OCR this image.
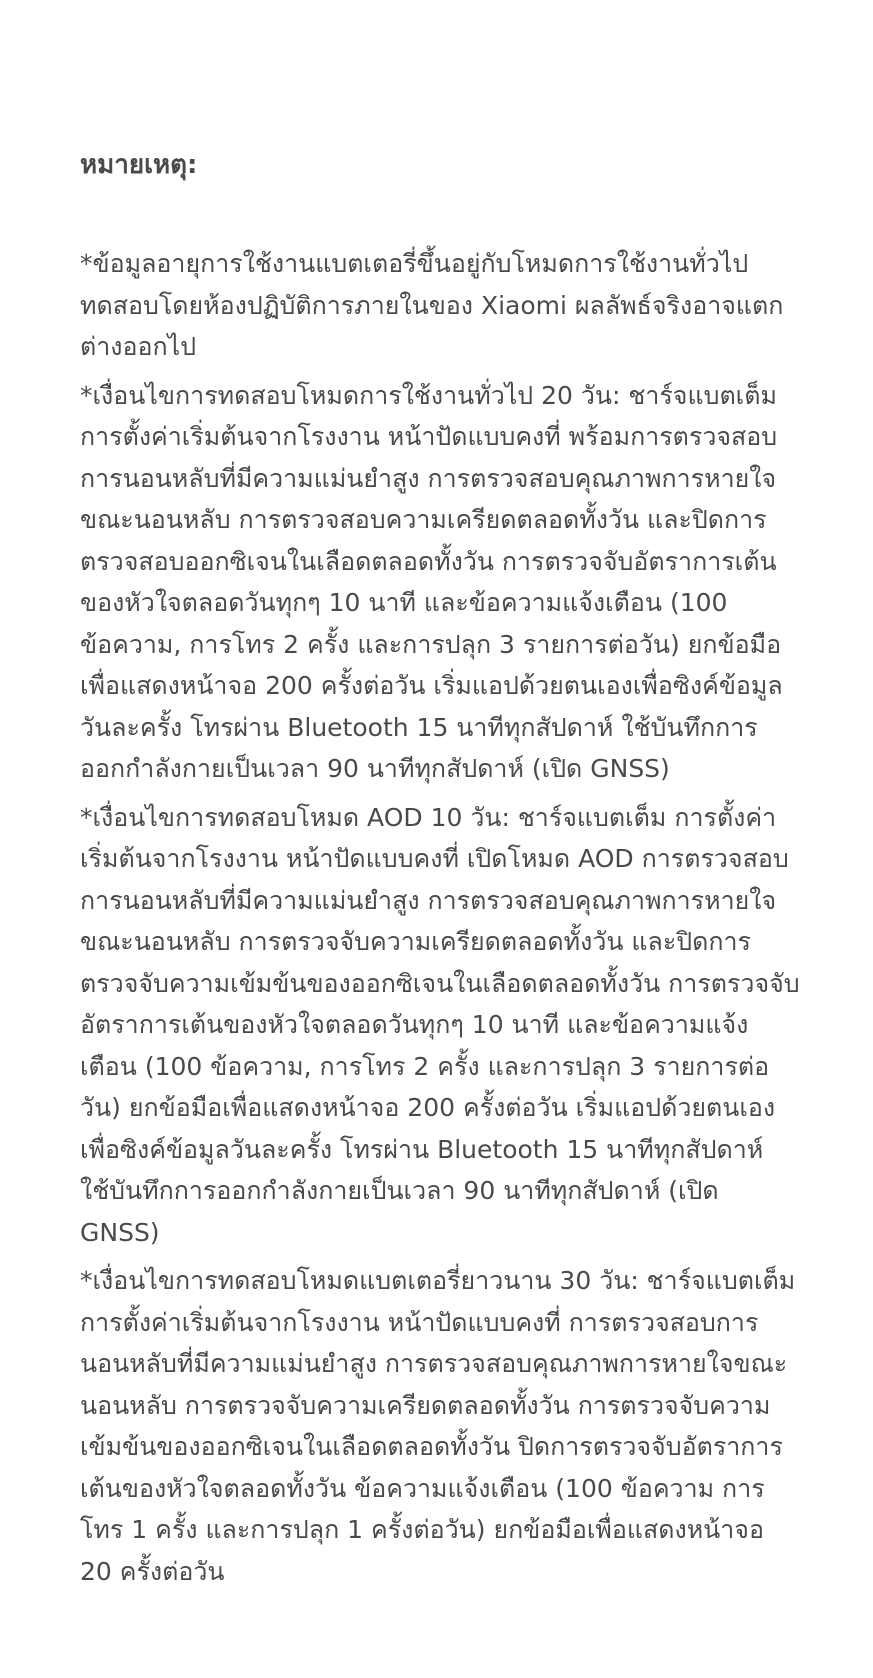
หมายเหตุ:

*ข้อมูลอายุการใช้งานแบตเตอรี่ขึ้นอยู่กับโหมดการใช้งานทั่วไป ทดสอบโดยห้องปฏิบัติการภายในของ Xiaomi ผลลัพธ์จริงอาจแตกต่างออกไป

*เงื่อนไขการทดสอบโหมดการใช้งานทั่วไป 20 วัน: ชาร์จแบตเต็ม การตั้งค่าเริ่มต้นจากโรงงาน หน้าปัดแบบคงที่ พร้อมการตรวจสอบการนอนหลับที่มีความแม่นยำสูง การตรวจสอบคุณภาพการหายใจขณะนอนหลับ การตรวจสอบความเครียดตลอดทั้งวัน และปิดการตรวจสอบออกซิเจนในเลือดตลอดทั้งวัน การตรวจจับอัตราการเต้นของหัวใจตลอดวันทุกๆ 10 นาที และข้อความแจ้งเตือน (100 ข้อความ, การโทร 2 ครั้ง และการปลุก 3 รายการต่อวัน) ยกข้อมือเพื่อแสดงหน้าจอ 200 ครั้งต่อวัน เริ่มแอปด้วยตนเองเพื่อซิงค์ข้อมูลวันละครั้ง โทรผ่าน Bluetooth 15 นาทีทุกสัปดาห์ ใช้บันทึกการออกกำลังกายเป็นเวลา 90 นาทีทุกสัปดาห์ (เปิด GNSS)

*เงื่อนไขการทดสอบโหมด AOD 10 วัน: ชาร์จแบตเต็ม การตั้งค่าเริ่มต้นจากโรงงาน หน้าปัดแบบคงที่ เปิดโหมด AOD การตรวจสอบการนอนหลับที่มีความแม่นยำสูง การตรวจสอบคุณภาพการหายใจขณะนอนหลับ การตรวจจับความเครียดตลอดทั้งวัน และปิดการตรวจจับความเข้มข้นของออกซิเจนในเลือดตลอดทั้งวัน การตรวจจับอัตราการเต้นของหัวใจตลอดวันทุกๆ 10 นาที และข้อความแจ้งเตือน (100 ข้อความ, การโทร 2 ครั้ง และการปลุก 3 รายการต่อวัน) ยกข้อมือเพื่อแสดงหน้าจอ 200 ครั้งต่อวัน เริ่มแอปด้วยตนเองเพื่อซิงค์ข้อมูลวันละครั้ง โทรผ่าน Bluetooth 15 นาทีทุกสัปดาห์ ใช้บันทึกการออกกำลังกายเป็นเวลา 90 นาทีทุกสัปดาห์ (เปิด GNSS)

*เงื่อนไขการทดสอบโหมดแบตเตอรี่ยาวนาน 30 วัน: ชาร์จแบตเต็ม การตั้งค่าเริ่มต้นจากโรงงาน หน้าปัดแบบคงที่ การตรวจสอบการนอนหลับที่มีความแม่นยำสูง การตรวจสอบคุณภาพการหายใจขณะนอนหลับ การตรวจจับความเครียดตลอดทั้งวัน การตรวจจับความเข้มข้นของออกซิเจนในเลือดตลอดทั้งวัน ปิดการตรวจจับอัตราการเต้นของหัวใจตลอดทั้งวัน ข้อความแจ้งเตือน (100 ข้อความ การโทร 1 ครั้ง และการปลุก 1 ครั้งต่อวัน) ยกข้อมือเพื่อแสดงหน้าจอ 20 ครั้งต่อวัน
